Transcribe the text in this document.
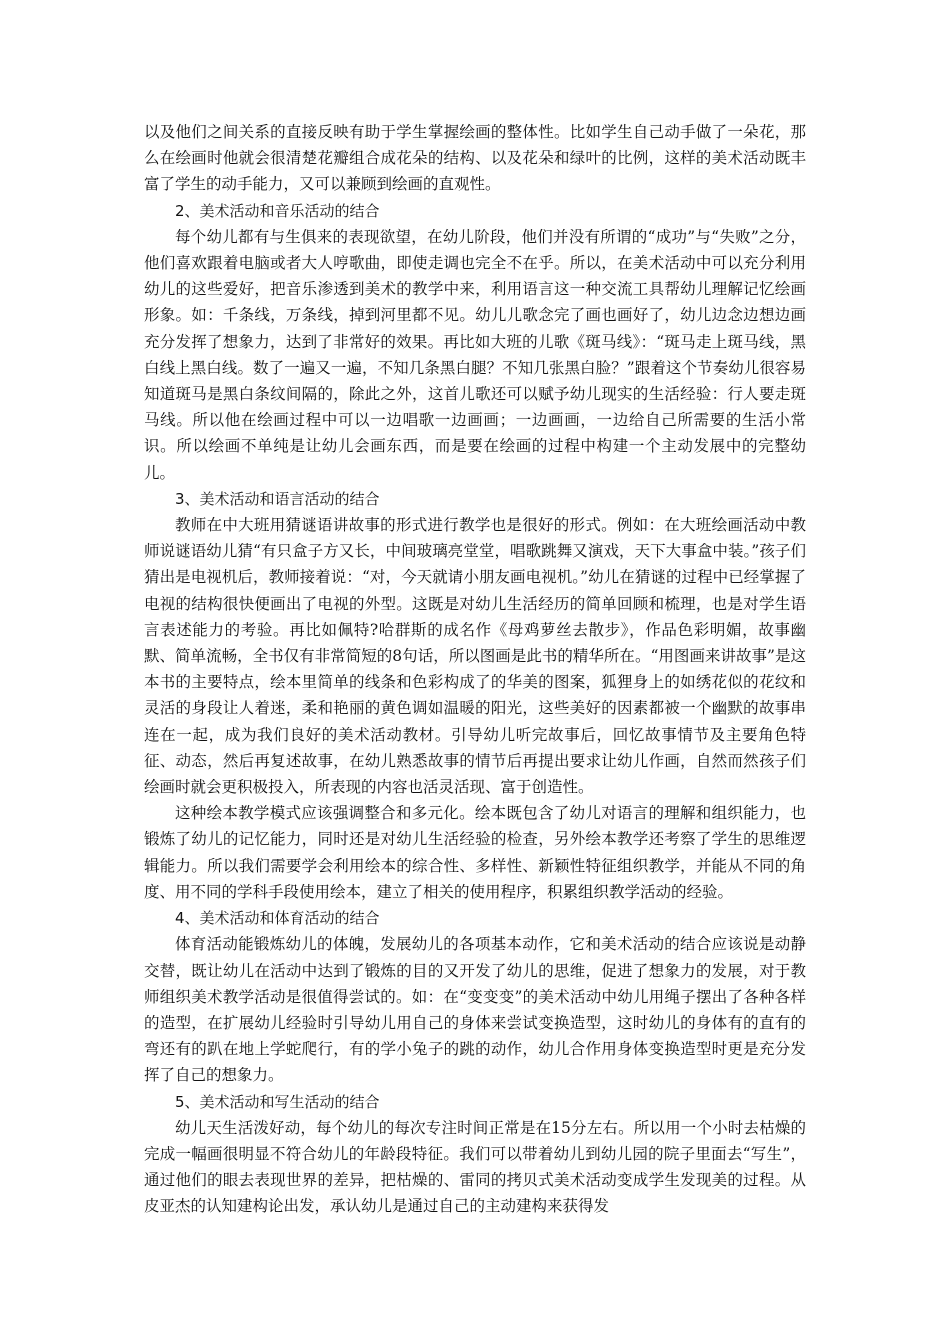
以及他们之间关系的直接反映有助于学生掌握绘画的整体性。比如学生自己动手做了一朵花，那么在绘画时他就会很清楚花瓣组合成花朵的结构、以及花朵和绿叶的比例，这样的美术活动既丰富了学生的动手能力，又可以兼顾到绘画的直观性。

2、美术活动和音乐活动的结合

每个幼儿都有与生俱来的表现欲望，在幼儿阶段，他们并没有所谓的“成功”与“失败”之分，他们喜欢跟着电脑或者大人哼歌曲，即使走调也完全不在乎。所以，在美术活动中可以充分利用幼儿的这些爱好，把音乐渗透到美术的教学中来，利用语言这一种交流工具帮幼儿理解记忆绘画形象。如：千条线，万条线，掉到河里都不见。幼儿儿歌念完了画也画好了，幼儿边念边想边画充分发挥了想象力，达到了非常好的效果。再比如大班的儿歌《斑马线》：“斑马走上斑马线，黑白线上黑白线。数了一遍又一遍，不知几条黑白腿？不知几张黑白脸？”跟着这个节奏幼儿很容易知道斑马是黑白条纹间隔的，除此之外，这首儿歌还可以赋予幼儿现实的生活经验：行人要走斑马线。所以他在绘画过程中可以一边唱歌一边画画；一边画画，一边给自己所需要的生活小常识。所以绘画不单纯是让幼儿会画东西，而是要在绘画的过程中构建一个主动发展中的完整幼儿。

3、美术活动和语言活动的结合

教师在中大班用猜谜语讲故事的形式进行教学也是很好的形式。例如：在大班绘画活动中教师说谜语幼儿猜“有只盒子方又长，中间玻璃亮堂堂，唱歌跳舞又演戏，天下大事盒中装。”孩子们猜出是电视机后，教师接着说：“对，今天就请小朋友画电视机。”幼儿在猜谜的过程中已经掌握了电视的结构很快便画出了电视的外型。这既是对幼儿生活经历的简单回顾和梳理，也是对学生语言表述能力的考验。再比如佩特?哈群斯的成名作《母鸡萝丝去散步》，作品色彩明媚，故事幽默、简单流畅，全书仅有非常简短的8句话，所以图画是此书的精华所在。“用图画来讲故事”是这本书的主要特点，绘本里简单的线条和色彩构成了的华美的图案，狐狸身上的如绣花似的花纹和灵活的身段让人着迷，柔和艳丽的黄色调如温暖的阳光，这些美好的因素都被一个幽默的故事串连在一起，成为我们良好的美术活动教材。引导幼儿听完故事后，回忆故事情节及主要角色特征、动态，然后再复述故事，在幼儿熟悉故事的情节后再提出要求让幼儿作画，自然而然孩子们绘画时就会更积极投入，所表现的内容也活灵活现、富于创造性。

这种绘本教学模式应该强调整合和多元化。绘本既包含了幼儿对语言的理解和组织能力，也锻炼了幼儿的记忆能力，同时还是对幼儿生活经验的检查，另外绘本教学还考察了学生的思维逻辑能力。所以我们需要学会利用绘本的综合性、多样性、新颖性特征组织教学，并能从不同的角度、用不同的学科手段使用绘本，建立了相关的使用程序，积累组织教学活动的经验。

4、美术活动和体育活动的结合

体育活动能锻炼幼儿的体魄，发展幼儿的各项基本动作，它和美术活动的结合应该说是动静交替，既让幼儿在活动中达到了锻炼的目的又开发了幼儿的思维，促进了想象力的发展，对于教师组织美术教学活动是很值得尝试的。如：在“变变变”的美术活动中幼儿用绳子摆出了各种各样的造型，在扩展幼儿经验时引导幼儿用自己的身体来尝试变换造型，这时幼儿的身体有的直有的弯还有的趴在地上学蛇爬行，有的学小兔子的跳的动作，幼儿合作用身体变换造型时更是充分发挥了自己的想象力。

5、美术活动和写生活动的结合

幼儿天生活泼好动，每个幼儿的每次专注时间正常是在15分左右。所以用一个小时去枯燥的完成一幅画很明显不符合幼儿的年龄段特征。我们可以带着幼儿到幼儿园的院子里面去“写生”，通过他们的眼去表现世界的差异，把枯燥的、雷同的拷贝式美术活动变成学生发现美的过程。从皮亚杰的认知建构论出发，承认幼儿是通过自己的主动建构来获得发
